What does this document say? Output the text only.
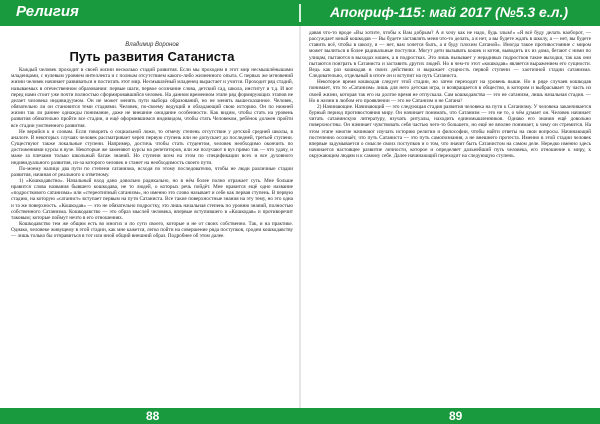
Религия	Апокриф-115: май 2017 (№5.3 e.л.)
Владимир Воронов
Путь развития Сатаниста

Каждый человек проходит в своей жизни несколько стадий развития. Если мы проходим в этот мир несмышлёнышами младенцами, с нулевым уровнем интеллекта и с полным отсутствием какого-либо жизненного опыта. С первых же мгновений жизни человек начинает развиваться и постигать этот мир. Несмышлёный младенец вырастает и учится. Проходит ряд стадий, называемых в отечественном образовании: первые шаги, первое осознание слова, детский сад, школа, институт и т.д. И вот перед нами стоит уже почти полностью сформировавшийся человек. На данном временном этапе ряд формирующих этапов не делает человека индивидуумом. Он не может менять пути выбора образований, но не менять вышесказанное. Человек, обязательно ли он становится теми стадиями. Человек, по-своему ведущий и обладающий свою историю. Он по нижней жизни так ли раннее однажды понимание, даже не внешние ожидание особенности. Как видим, чтобы стать на уровень развития обязательно пройти все стадии, и ещё оформившимся индивидом, чтобы стать Человеком, ребёнок должен пройти все стадии умственного развития.

Не верийся к и словам. Если говорить о социальной ложи, то отмечу степень отсутствие у детской средней школы, в аналоге. В некоторых случаях человек рассматривает череп первую ступень или не допускает до последней, третьей ступени. Существуют также локальные ступени. Например, достичь чтобы стать студентом, человек необходимо окончить по достижениями курсы в вузе. Некоторые же заменяют курсы на репетиторов, или же получают в вуз прямо так — что удачу, и маже за плечами только школьный багаж знаний. Но ступени всем на этом по спецификации всех и все духовного индивидуального развития, из-за которого человек и станет на необходимость своего пути.

По-моему налицо два пути по степени сатанизма, исходя по этому последователю, чтобы не люди различные стадии развития, начиная от реального к ответному.

1) «Кошкодавство». Начальный вход дано довольно радикально, но в нём более полно отражает суть. Мне больше нравится слова названия бывшего кошкодава, не то людей, о которых речь пойдёт. Мне нравится ещё одно название «подросткового сатанизма» или «стереотипный сатанизм», но именно это слово называет и себе как первая ступень. В первую стадию, на которую «сатанист» вступает первым на пути Сатаниста. Все такие поверхностные знания на эту тему, но это одна и та же поверхность. «Кошкодав» — это не обязательно подростку, это лишь начальная степень по уровню знаний, полностью собственного Сатанизма. Кошкодавство — это образ мыслей человека, впервые вступившего в «Кошкодав» и противоречит таковым; которые поймут нечто в его отношениях.

Кошкодавство тем же общим есть во многих и по сути своего, которые и не от своих собственно. Так, и на практике. Однако, человеке живущему в этой стадии, как мне кажется, легко пойти на совершение ряда поступков, сродни кошкодавству — лишь только бы отправиться в тот или иной общий внешний образ. Подробнее об этом далее.

давая что-то вроде «Вы хотите, чтобы к Вам добрым? А я хочу как не надо, будь злым!» «Я всё буду делать наоборот, — рассуждает юный кошкодав — Вы будете заставлять меня что-то делать, а я нет, а вы будете ждать в школу, а — нет, вы будете ставить всё, чтобы в школу, я — нет, вам хочется быть, а я буду плохим Сатаной». Иногда такое противостояние с миром может вылиться в более радикальные поступки. Могут дети вызывать кошек и котов, выводить их из дома, бегают с ними по улицам, пытаются в выходах кошек, а в подростках. Это лишь вызывает у нерадивых подростков такие выходки, так как они пытаются поиграть в Сатаниста и заставить других людей. Но в чем-то этот «кошкодав» является выражением его сущности. Ведь как раз кошкодав в своих действиях и выражает сущность первой ступени — хаотичной стадии сатанизма. Следовательно, отдельный в итоге он и вступит на путь Сатаниста.

Некоторое время кошкодав следует этой стадии, но затем переходит на уровень выше. Но в ряде случаев кошкодав понимает, что то «Сатанизм» лишь для него детская игра, и возвращается в общество, в котором и выбрасывает ту часть из своей жизни, которая так его на долгое время не отпускала. Сам кошкодавства — это не сатанизм, лишь начальная стадия. — Но в жизни в любом его проявлении — это не Сатанизм и не Сатана!

2) Начинающие. Начинающий — это следующая стадия развития человека на пути к Сатанизму. У человека заканчивается бурный период противостояния миру. Он начинает понимать, что Сатанизм — это не то, о чём думает он. Человек начинает читать сатанинскую литературу, изучать ритуалы, находить единомышленников. Однако его знания ещё довольно поверхностны. Он начинает чувствовать себя частью чего-то большего, но ещё не вполне понимает, к чему он стремится. На этом этапе многие начинают изучать историю религии и философии, чтобы найти ответы на свои вопросы. Начинающий постепенно осознаёт, что путь Сатаниста — это путь самопознания, а не внешнего протеста. Именно в этой стадии человек впервые задумывается о смысле своих поступков и о том, что значит быть Сатанистом на самом деле. Нередко именно здесь начинается настоящее развитие личности, которое и определяет дальнейший путь человека, его отношение к миру, к окружающим людям и к самому себе. Далее начинающий переходит на следующую ступень.

88	89
